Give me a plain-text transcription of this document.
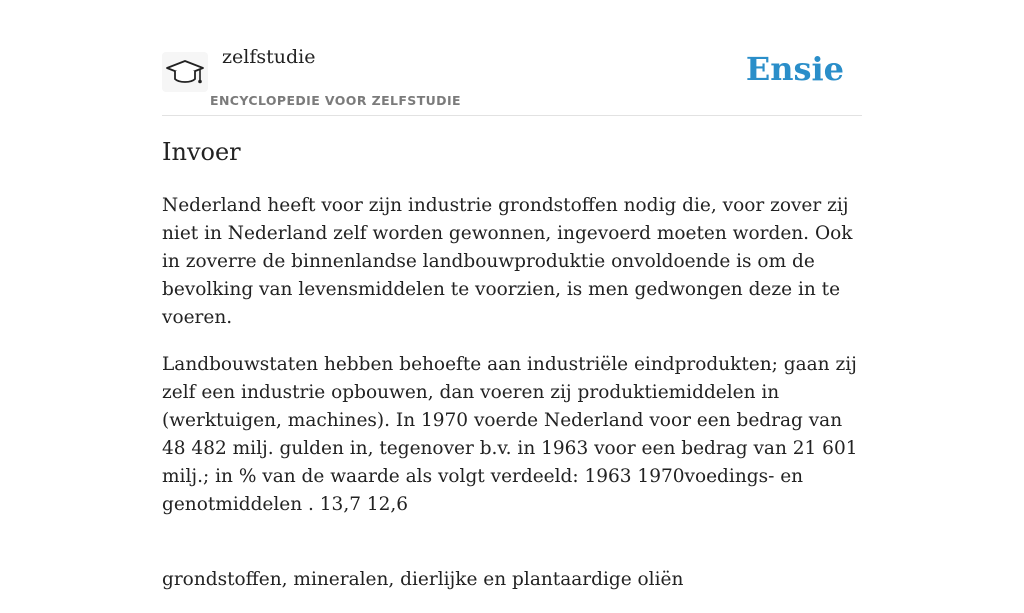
zelfstudie
ENCYCLOPEDIE VOOR ZELFSTUDIE
Ensie
Invoer

Nederland heeft voor zijn industrie grondstoffen nodig die, voor zover zij niet in Nederland zelf worden gewonnen, ingevoerd moeten worden. Ook in zoverre de binnenlandse landbouwproduktie onvoldoende is om de bevolking van levensmiddelen te voorzien, is men gedwongen deze in te voeren.

Landbouwstaten hebben behoefte aan industriële eindprodukten; gaan zij zelf een industrie opbouwen, dan voeren zij produktiemiddelen in (werktuigen, machines). In 1970 voerde Nederland voor een bedrag van 48 482 milj. gulden in, tegenover b.v. in 1963 voor een bedrag van 21 601 milj.; in % van de waarde als volgt verdeeld: 1963 1970voedings- en genotmiddelen . 13,7 12,6

grondstoffen, mineralen, dierlijke en plantaardige oliën
